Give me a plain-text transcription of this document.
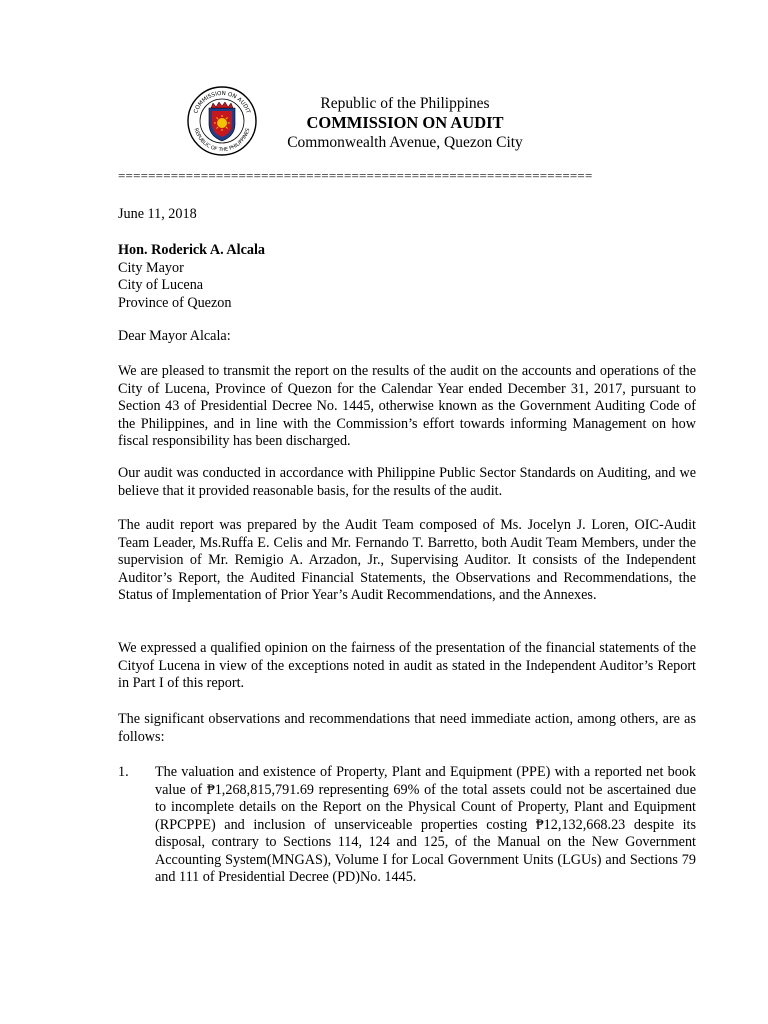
COMMISSION ON AUDIT
REPUBLIC OF THE PHILIPPINES
Republic of the Philippines
COMMISSION ON AUDIT
Commonwealth Avenue, Quezon City
===============================================================
June 11, 2018
Hon. Roderick A. Alcala
City Mayor
City of Lucena
Province of Quezon
Dear Mayor Alcala:
We are pleased to transmit the report on the results of the audit on the accounts and operations of the City of Lucena, Province of Quezon for the Calendar Year ended December 31, 2017, pursuant to Section 43 of Presidential Decree No. 1445, otherwise known as the Government Auditing Code of the Philippines, and in line with the Commission’s effort towards informing Management on how fiscal responsibility has been discharged.
Our audit was conducted in accordance with Philippine Public Sector Standards on Auditing, and we believe that it provided reasonable basis, for the results of the audit.
The audit report was prepared by the Audit Team composed of Ms. Jocelyn J. Loren, OIC-Audit Team Leader, Ms.Ruffa E. Celis and Mr. Fernando T. Barretto, both Audit Team Members, under the supervision of Mr. Remigio A. Arzadon, Jr., Supervising Auditor. It consists of the Independent Auditor’s Report, the Audited Financial Statements, the Observations and Recommendations, the Status of Implementation of Prior Year’s Audit Recommendations, and the Annexes.
We expressed a qualified opinion on the fairness of the presentation of the financial statements of the Cityof Lucena in view of the exceptions noted in audit as stated in the Independent Auditor’s Report in Part I of this report.
The significant observations and recommendations that need immediate action, among others, are as follows:
1. The valuation and existence of Property, Plant and Equipment (PPE) with a reported net book value of ₱1,268,815,791.69 representing 69% of the total assets could not be ascertained due to incomplete details on the Report on the Physical Count of Property, Plant and Equipment (RPCPPE) and inclusion of unserviceable properties costing ₱12,132,668.23 despite its disposal, contrary to Sections 114, 124 and 125, of the Manual on the New Government Accounting System(MNGAS), Volume I for Local Government Units (LGUs) and Sections 79 and 111 of Presidential Decree (PD)No. 1445.
